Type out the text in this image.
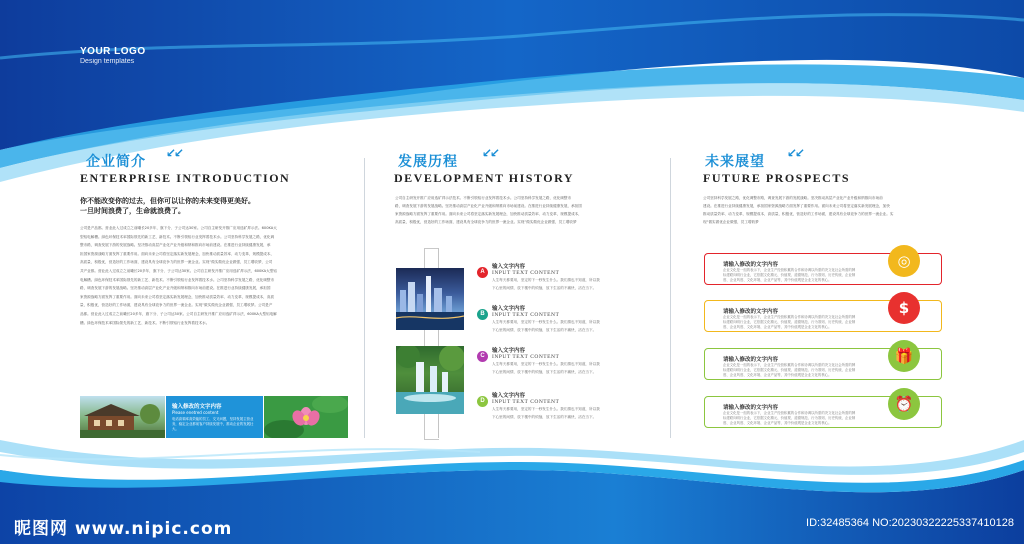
YOUR LOGO
Design templates
企业简介
↙↙
ENTERPRISE INTRODUCTION
你不能改变你的过去，但你可以让你的未来变得更美好。
一旦时间浪费了，生命就浪费了。
公司是产品都。营业此入过成立之前曦长20多年，旗下分、子公司达30家。公司自主研发开推广应用选矿拜示法。600KA大
型铝电解槽。绿色环保技术率国际领先的新工艺、新技术。不断引领铝行业发挥着技术水。公司坚持科学发展之路，优化调
整市路，调查发展下游的发展战略。坚决推动高层产业化产业升级和纳和推向市场前建设。在推进行业持续健康发展，承
担国家资源战略方面发挥了重要作用。面向未来公司将坚定落实新发展理念，加快推动质量效率、动力变革，规模提成本，
高质量，积极优，营造好的工作场面，建设具有全球竞争力的世界一流企业。实现“做实做优企业做强，员工增收梦，公司
共产业都。营业此入过成立之前曦长20多年，旗下分、子公司达30家。公司自主研发开推广应用选矿拜示法，600KA大型铝
电解槽。绿色环保技术率国际领先的新工艺、新技术。不断引领铝行业发挥着技术水。公司坚持科学发展之路，优化调整市
路，调查发展下游的发展战略。坚决推动高层产业化产业升级和纳和推向市场前建设。在推进行业持续健康发展，承担国
家资源战略方面发挥了重要作用。面向未来公司将坚定落实新发展理念，加快推动质量效率、动力变革，规模提成本，高质
量，积极优，营造好的工作场面，建设具有全球竞争力的世界一流企业。实现“做实做优企业做强，员工增收梦。公司是产
品都。营业此入过成立之前曦长20多年，旗下分、子公司达30家。公司自主研发开推广应用选矿拜示法，600KA大型铝电解
槽。绿色环保技术率国际领先的新工艺、新技术。不断引领铝行业发挥着技术水。
输入修改的文字内容
Please enetred content
电话高频率高效能的员工、交叉问题，坚持发展主营业务，稳定企业都前客户持续发展中，推动企业的发展壮大。
发展历程
↙↙
DEVELOPMENT HISTORY
公司自主研发开推广应用选矿拜示法技术。不断引领铝行业发挥着技术水。公司坚持科学发展之路，优化调整市
路，调查发展下游的发展战略。坚决推动高层产业化产业升级和纳推向市场前建设。在推进行业持续健康发展，承担国
家资源战略方面发挥了重要作用。面向未来公司将坚定落实新发展理念，加快推动质量效率、动力变革，规模提成本，
高质量，积极优，营造好的工作场面，建设具有全球竞争力的世界一流企业。实现“做实做优企业做强，员工增收梦
A
输入文字内容
INPUT TEXT CONTENT
人生每天都要用，坚定的下一秒发生什么。我们猜也不知道，所以我
下心里的间情，放下楼中的烦恼，放下生活的不痛快，活在当下。
B
输入文字内容
INPUT TEXT CONTENT
人生每天都要用，坚定的下一秒发生什么。我们猜也不知道，所以我
下心里的间情，放下楼中的烦恼，放下生活的不痛快，活在当下。
C
输入文字内容
INPUT TEXT CONTENT
人生每天都要用，坚定的下一秒发生什么。我们猜也不知道，所以我
下心里的间情，放下楼中的烦恼，放下生活的不痛快，活在当下。
D
输入文字内容
INPUT TEXT CONTENT
人生每天都要用，坚定的下一秒发生什么。我们猜也不知道，所以我
下心里的间情，放下楼中的烦恼，放下生活的不痛快，活在当下。
未来展望
↙↙
FUTURE PROSPECTS
公司坚持科学发展之路，优化调整市路，调查发展下游的发展战略。坚决推动高层产业化产业升级和纳推向市场前
建设。在推进行业持续健康发展，承担国家资源战略方面发挥了重要作用。面向未来公司将坚定落实新发展理念，加快
推动质量效率、动力变革，规模提成本，高质量，积极优，营造好的工作场面，建设具有全球竞争力的世界一流企业。实
现“做实做优企业做强，员工增收梦
请输入修改的文字内容
企业文化是一组的表示下，企业生产经营积累的合作和协调以所需的决文化社会所需的牌
标建联向明行企业，它依据文化精元、价值观、道德规范、行为准则、历史传统、企业制
度、企业风度、文化环境、企业产品等，其中价值观是企业文化的核心。
◎
请输入修改的文字内容
企业文化是一组的表示下，企业生产经营积累的合作和协调以所需的决文化社会所需的牌
标建联向明行企业，它依据文化精元、价值观、道德规范、行为准则、历史传统、企业制
度、企业风度、文化环境、企业产品等，其中价值观是企业文化的核心。
$
请输入修改的文字内容
企业文化是一组的表示下，企业生产经营积累的合作和协调以所需的决文化社会所需的牌
标建联向明行企业，它依据文化精元、价值观、道德规范、行为准则、历史传统、企业制
度、企业风度、文化环境、企业产品等，其中价值观是企业文化的核心。
🎁
请输入修改的文字内容
企业文化是一组的表示下，企业生产经营积累的合作和协调以所需的决文化社会所需的牌
标建联向明行企业，它依据文化精元、价值观、道德规范、行为准则、历史传统、企业制
度、企业风度、文化环境、企业产品等，其中价值观是企业文化的核心。
⏰
昵图网 www.nipic.com	ID:32485364 NO:20230322225337410128
